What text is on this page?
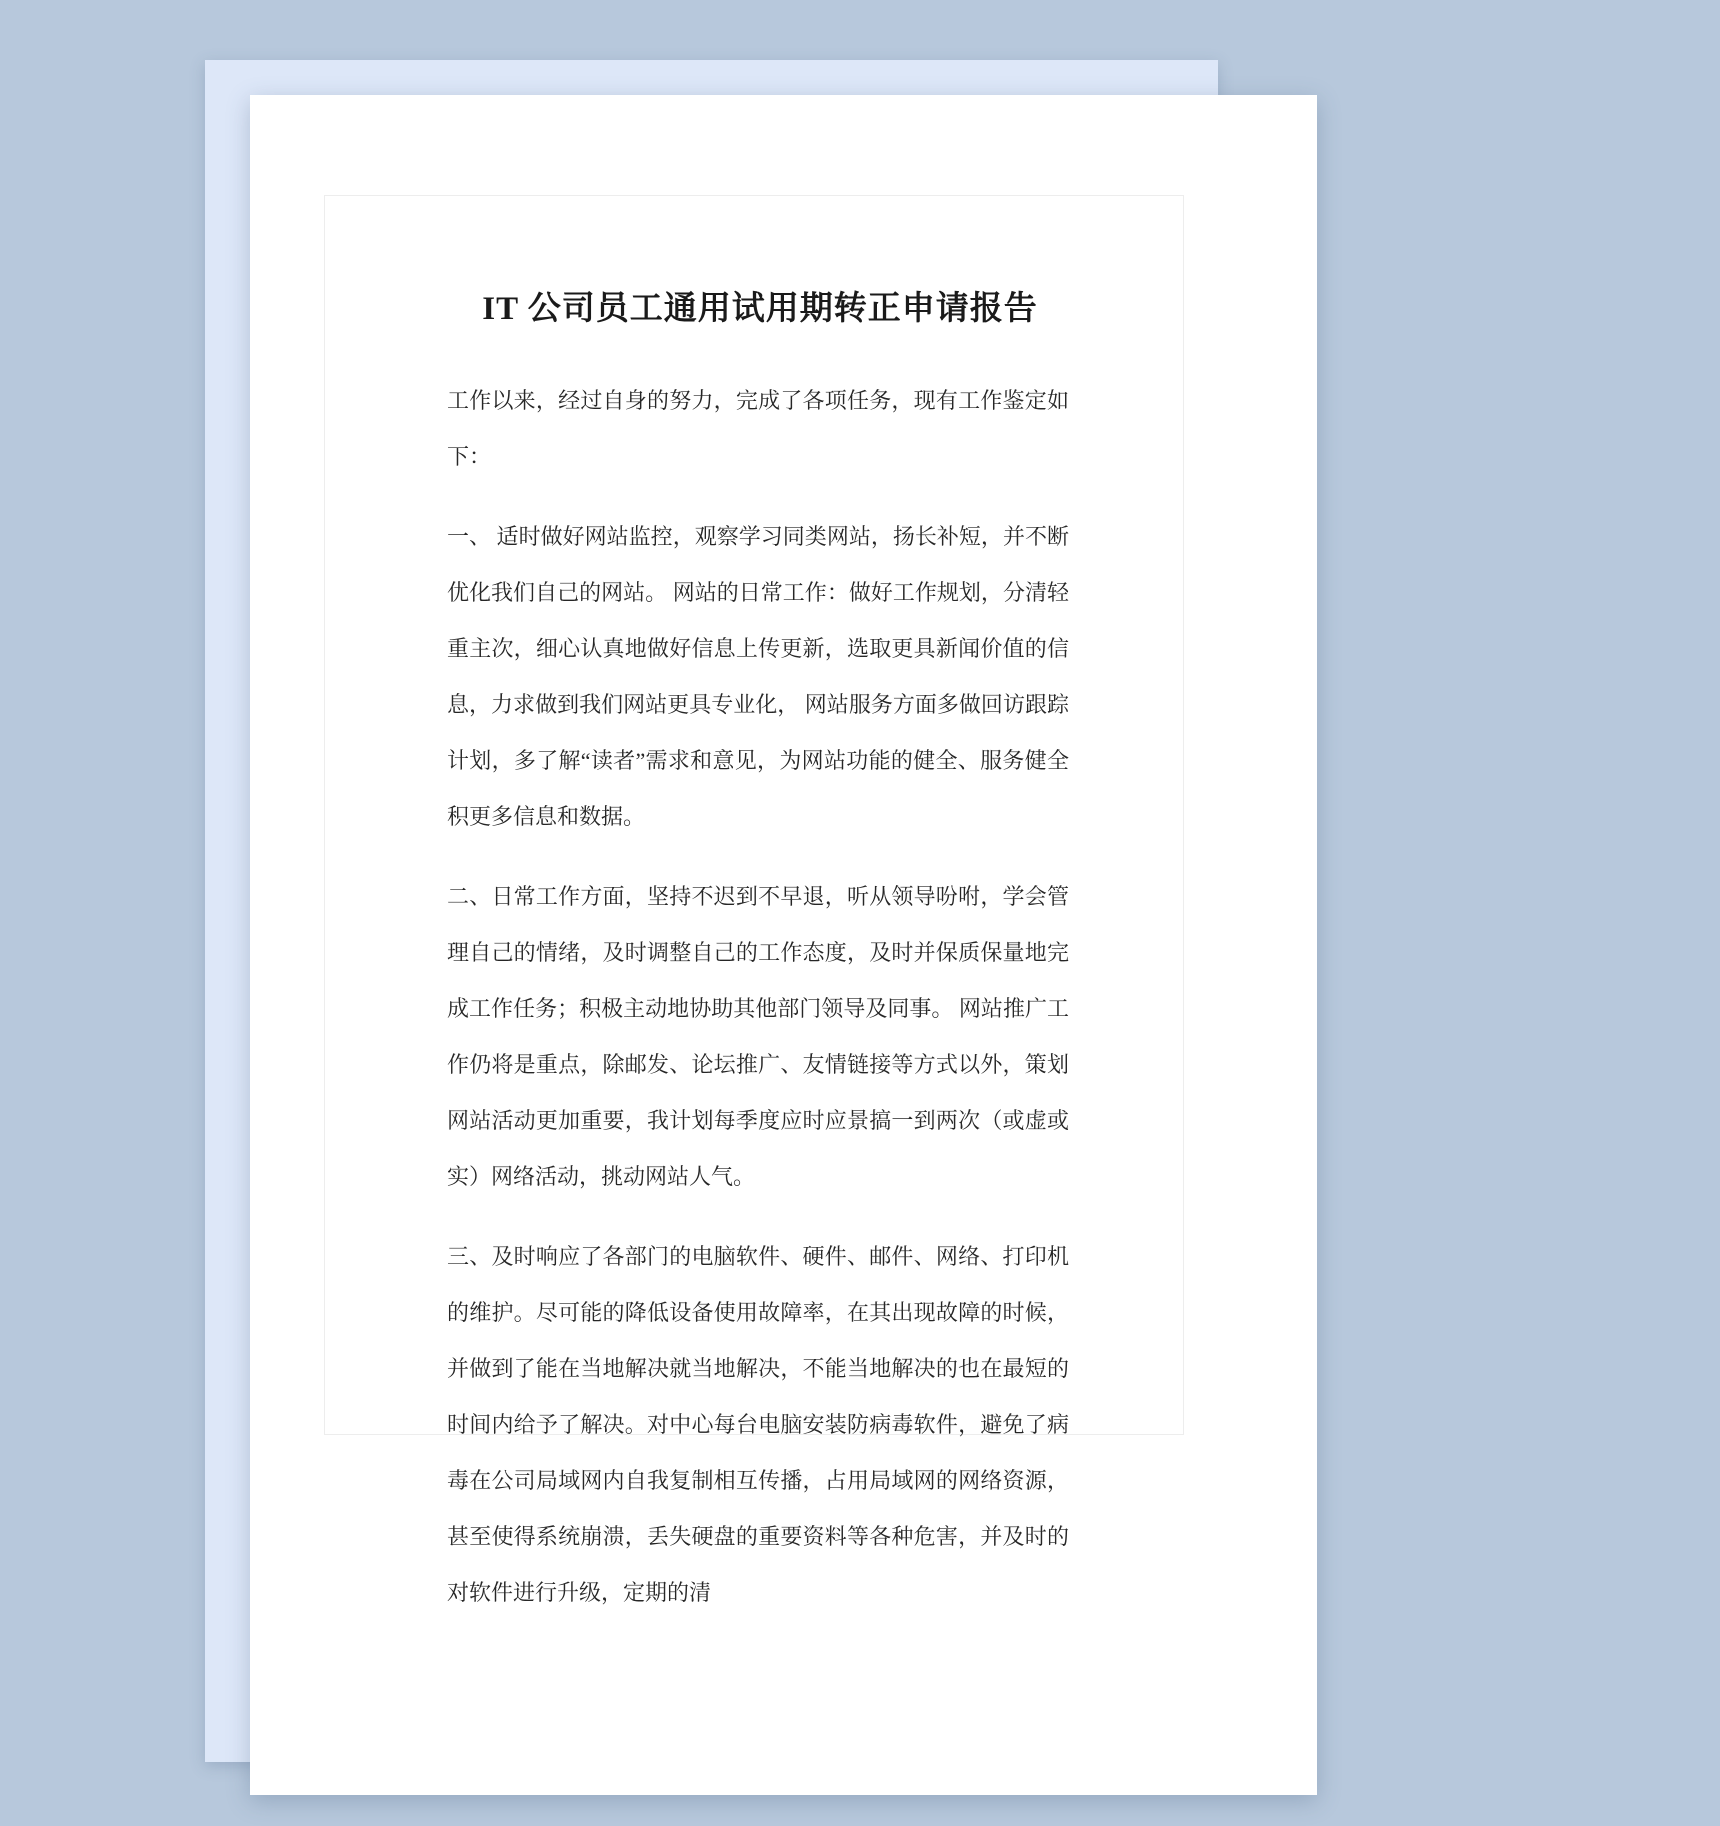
IT 公司员工通用试用期转正申请报告

工作以来，经过自身的努力，完成了各项任务，现有工作鉴定如下：

一、 适时做好网站监控，观察学习同类网站，扬长补短，并不断优化我们自己的网站。 网站的日常工作：做好工作规划，分清轻重主次，细心认真地做好信息上传更新，选取更具新闻价值的信息，力求做到我们网站更具专业化， 网站服务方面多做回访跟踪计划，多了解“读者”需求和意见，为网站功能的健全、服务健全积更多信息和数据。

二、日常工作方面，坚持不迟到不早退，听从领导吩咐，学会管理自己的情绪，及时调整自己的工作态度，及时并保质保量地完成工作任务；积极主动地协助其他部门领导及同事。 网站推广工作仍将是重点，除邮发、论坛推广、友情链接等方式以外，策划网站活动更加重要，我计划每季度应时应景搞一到两次（或虚或实）网络活动，挑动网站人气。

三、及时响应了各部门的电脑软件、硬件、邮件、网络、打印机的维护。尽可能的降低设备使用故障率，在其出现故障的时候，并做到了能在当地解决就当地解决，不能当地解决的也在最短的时间内给予了解决。对中心每台电脑安装防病毒软件，避免了病毒在公司局域网内自我复制相互传播，占用局域网的网络资源，甚至使得系统崩溃，丢失硬盘的重要资料等各种危害，并及时的对软件进行升级，定期的清
